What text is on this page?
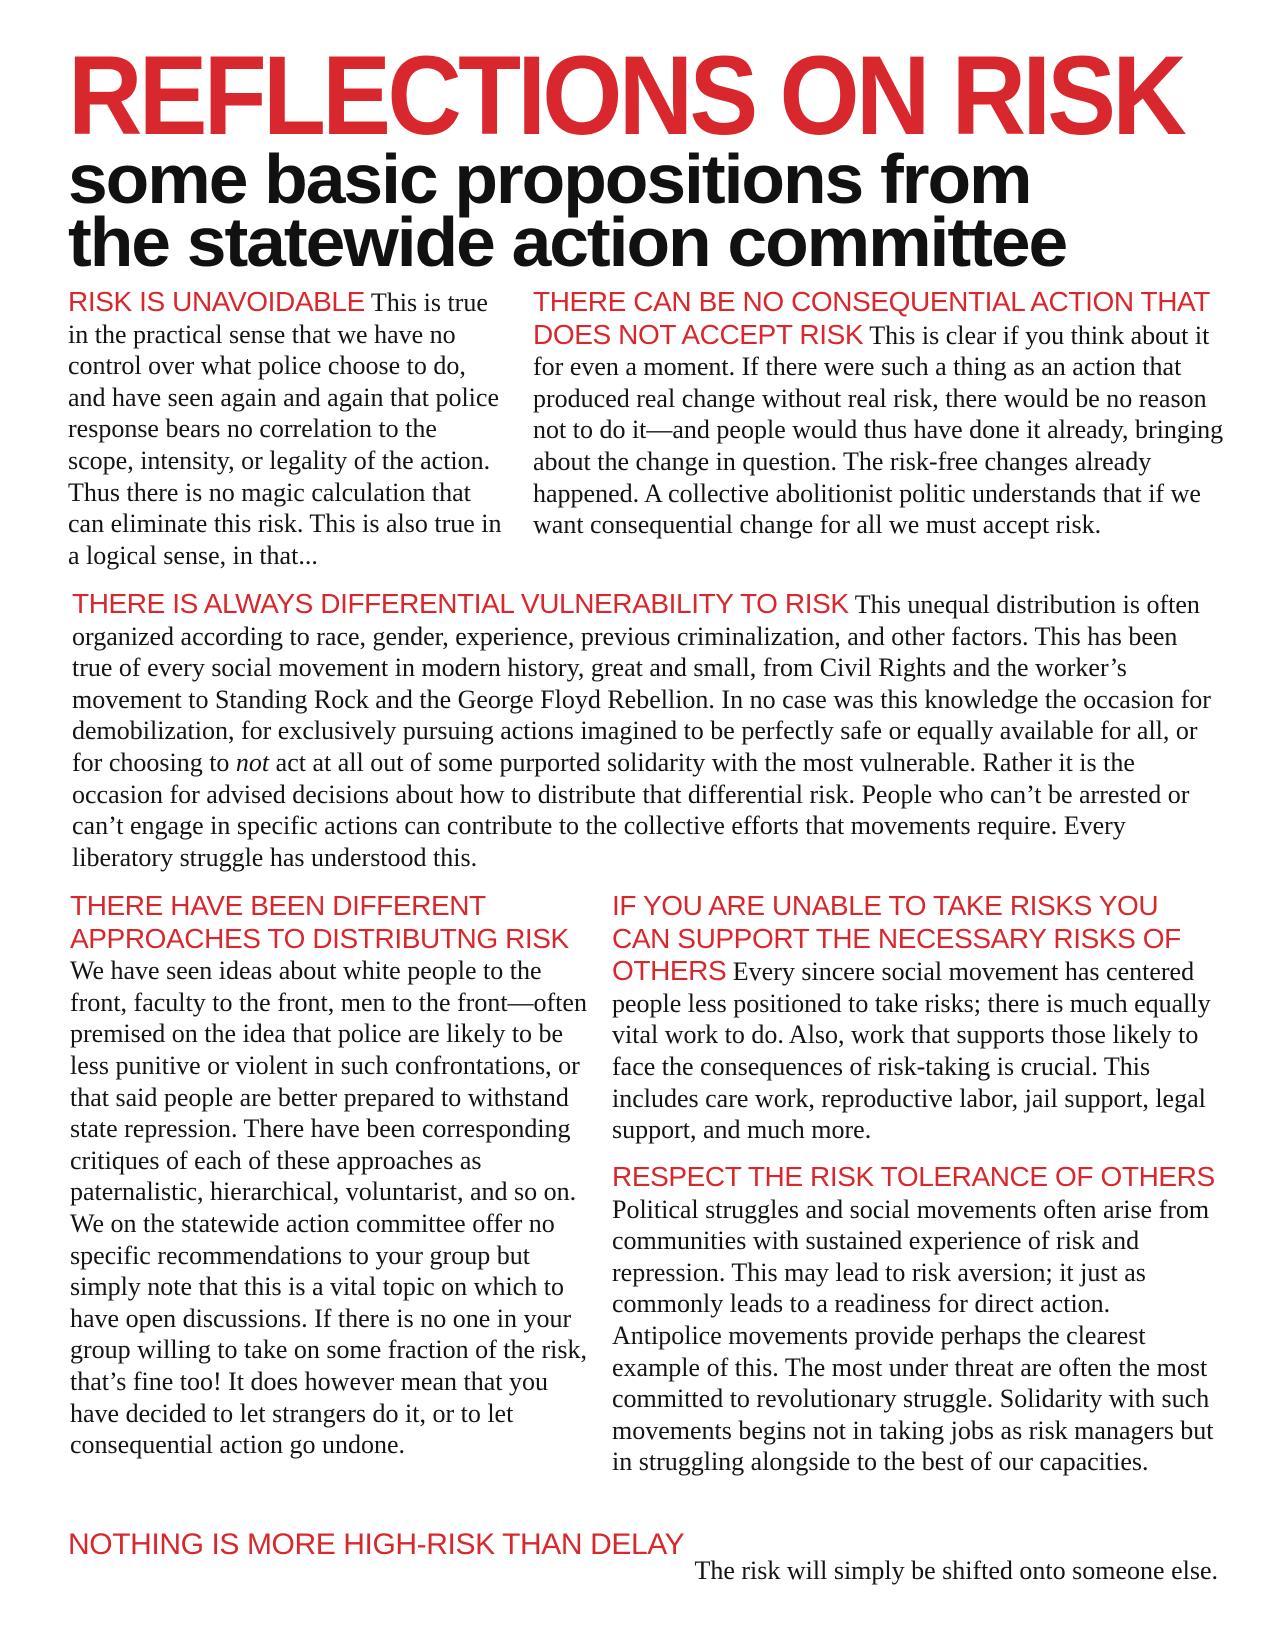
REFLECTIONS ON RISK
some basic propositions from
the statewide action committee

RISK IS UNAVOIDABLE This is true in the practical sense that we have no control over what police choose to do, and have seen again and again that police response bears no correlation to the scope, intensity, or legality of the action. Thus there is no magic calculation that can eliminate this risk. This is also true in a logical sense, in that...

THERE CAN BE NO CONSEQUENTIAL ACTION THAT DOES NOT ACCEPT RISK This is clear if you think about it for even a moment. If there were such a thing as an action that produced real change without real risk, there would be no reason not to do it—and people would thus have done it already, bringing about the change in question. The risk-free changes already happened. A collective abolitionist politic understands that if we want consequential change for all we must accept risk.

THERE IS ALWAYS DIFFERENTIAL VULNERABILITY TO RISK This unequal distribution is often organized according to race, gender, experience, previous criminalization, and other factors. This has been true of every social movement in modern history, great and small, from Civil Rights and the worker’s movement to Standing Rock and the George Floyd Rebellion. In no case was this knowledge the occasion for demobilization, for exclusively pursuing actions imagined to be perfectly safe or equally available for all, or for choosing to not act at all out of some purported solidarity with the most vulnerable. Rather it is the occasion for advised decisions about how to distribute that differential risk. People who can’t be arrested or can’t engage in specific actions can contribute to the collective efforts that movements require. Every liberatory struggle has understood this.

THERE HAVE BEEN DIFFERENT APPROACHES TO DISTRIBUTNG RISK We have seen ideas about white people to the front, faculty to the front, men to the front—often premised on the idea that police are likely to be less punitive or violent in such confrontations, or that said people are better prepared to withstand state repression. There have been corresponding critiques of each of these approaches as paternalistic, hierarchical, voluntarist, and so on. We on the statewide action committee offer no specific recommendations to your group but simply note that this is a vital topic on which to have open discussions. If there is no one in your group willing to take on some fraction of the risk, that’s fine too! It does however mean that you have decided to let strangers do it, or to let consequential action go undone.

IF YOU ARE UNABLE TO TAKE RISKS YOU CAN SUPPORT THE NECESSARY RISKS OF OTHERS Every sincere social movement has centered people less positioned to take risks; there is much equally vital work to do. Also, work that supports those likely to face the consequences of risk-taking is crucial. This includes care work, reproductive labor, jail support, legal support, and much more.

RESPECT THE RISK TOLERANCE OF OTHERS Political struggles and social movements often arise from communities with sustained experience of risk and repression. This may lead to risk aversion; it just as commonly leads to a readiness for direct action. Antipolice movements provide perhaps the clearest example of this. The most under threat are often the most committed to revolutionary struggle. Solidarity with such movements begins not in taking jobs as risk managers but in struggling alongside to the best of our capacities.

NOTHING IS MORE HIGH-RISK THAN DELAY
The risk will simply be shifted onto someone else.
